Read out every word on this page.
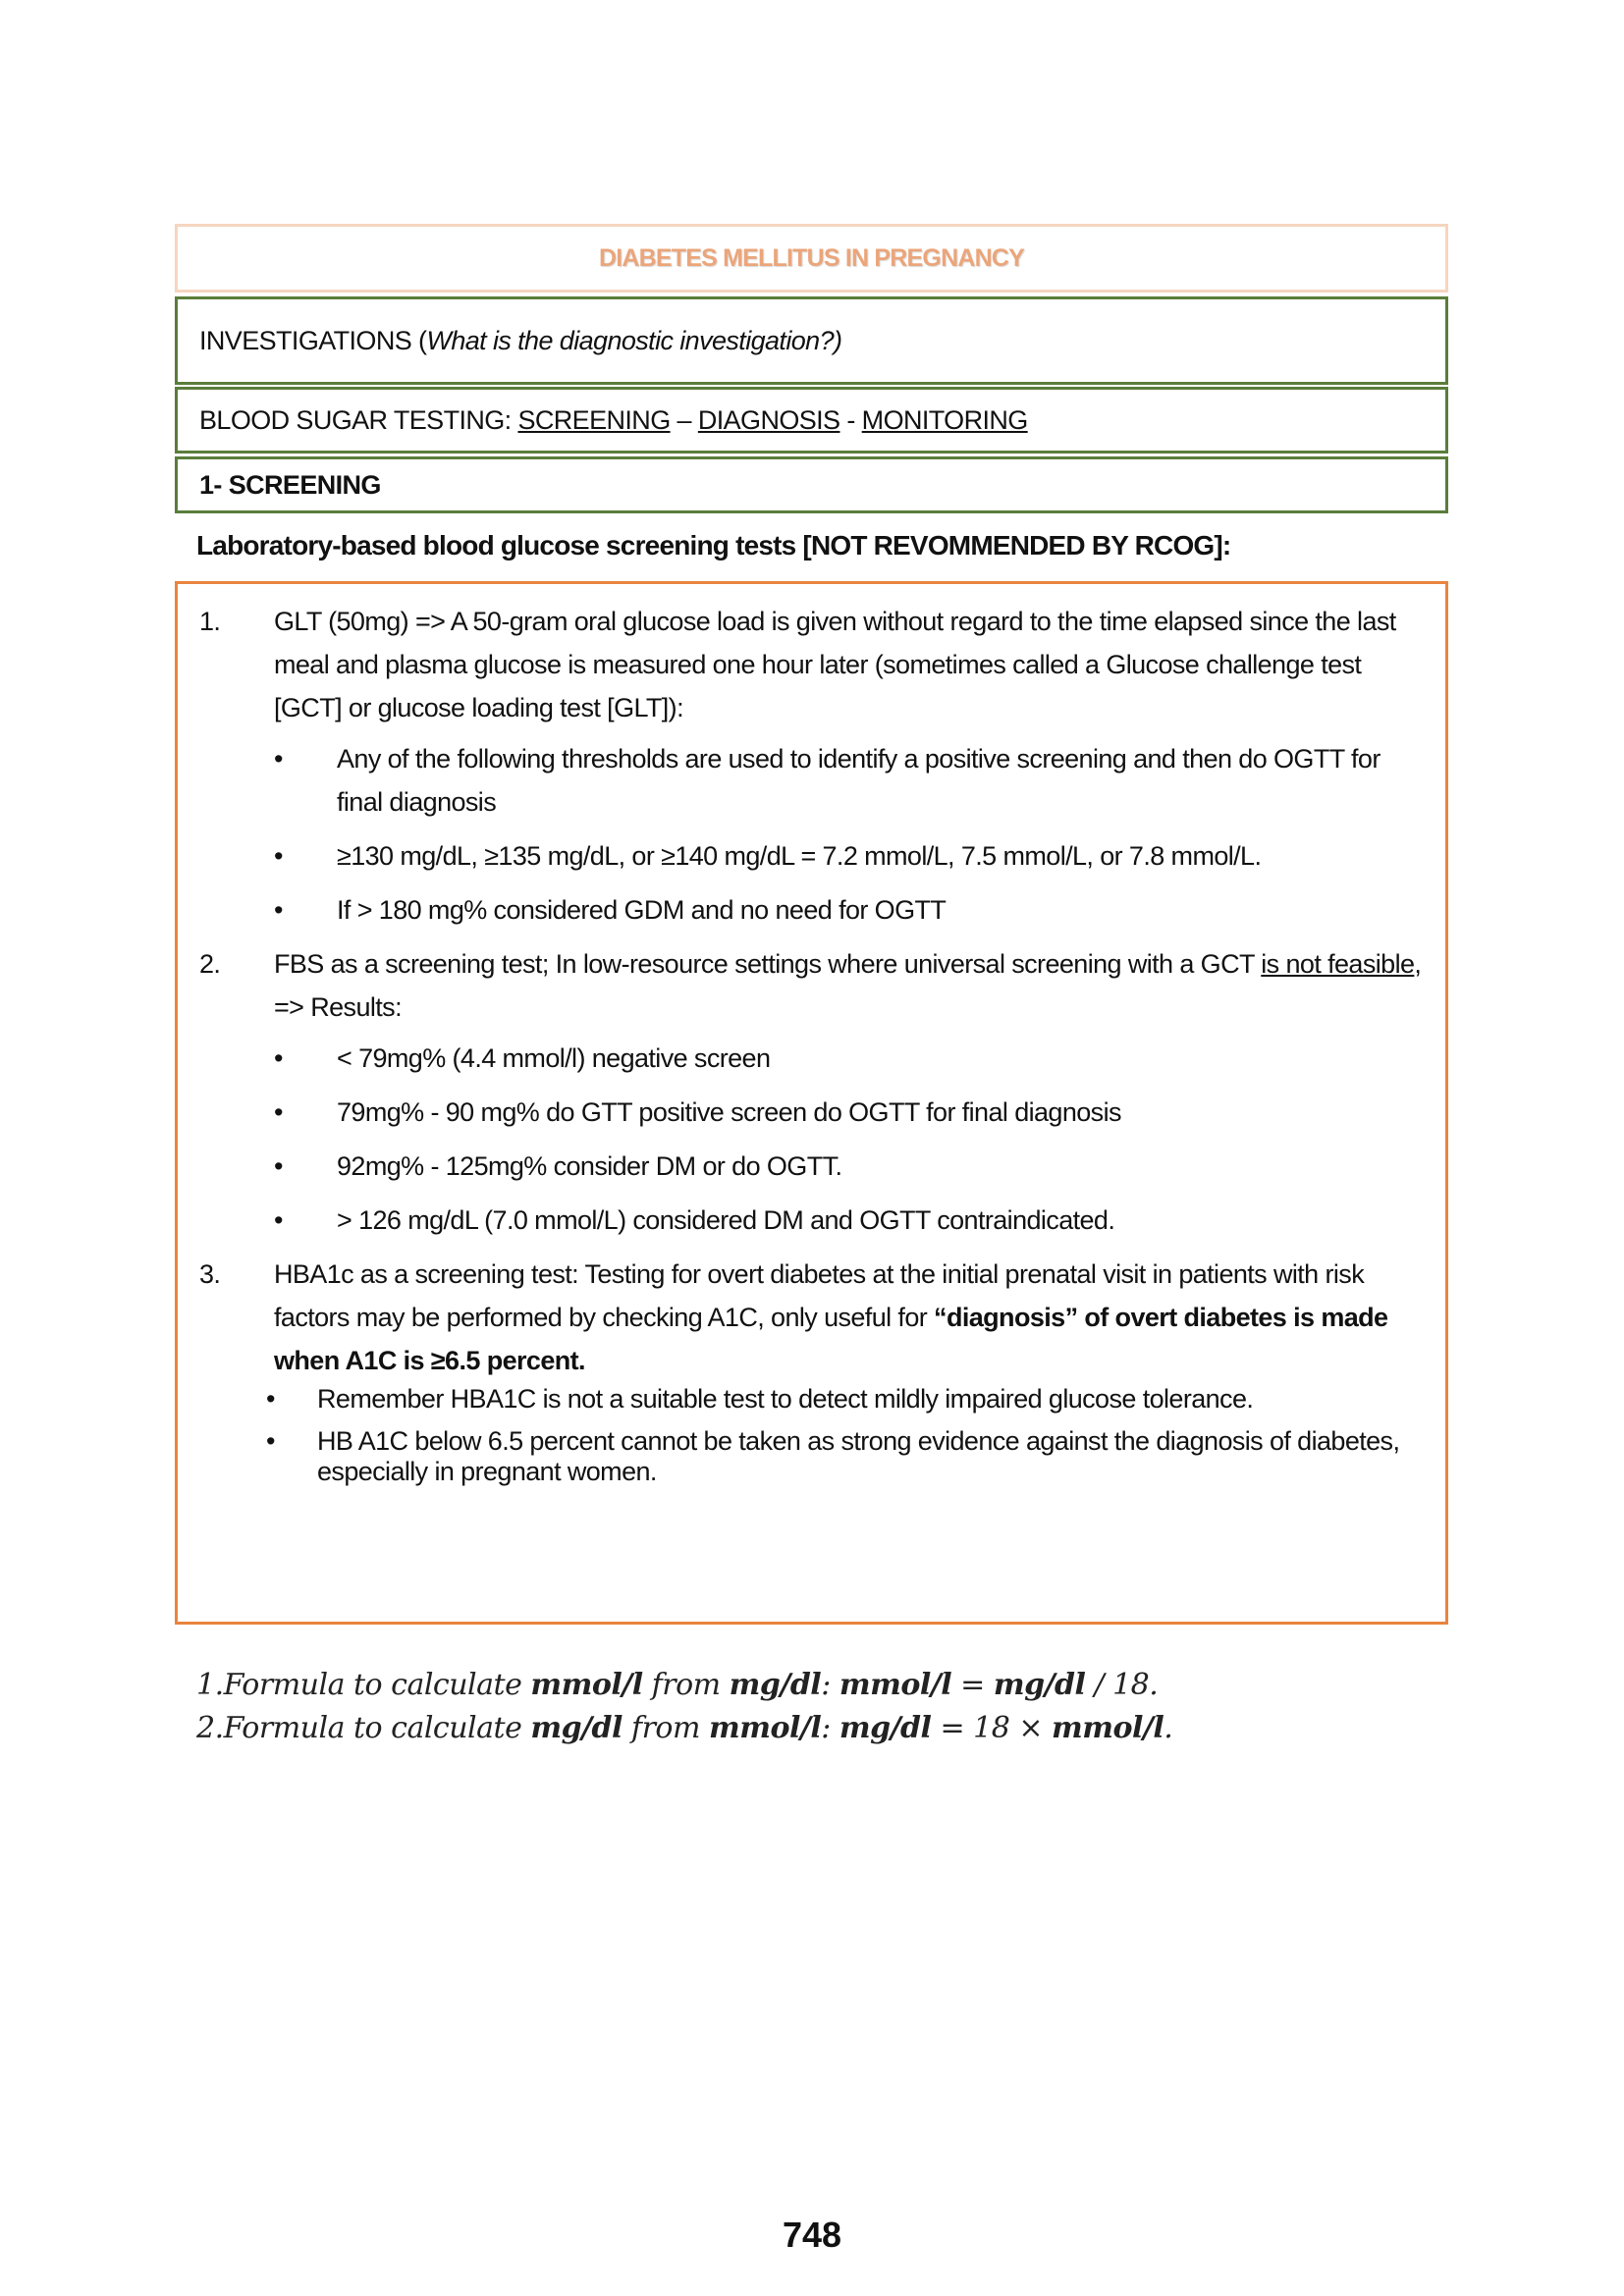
DIABETES MELLITUS IN PREGNANCY
INVESTIGATIONS ( What is the diagnostic investigation?)
BLOOD SUGAR TESTING: SCREENING – DIAGNOSIS - MONITORING
1- SCREENING
Laboratory-based blood glucose screening tests [NOT REVOMMENDED BY RCOG]:
1. GLT (50mg) => A 50-gram oral glucose load is given without regard to the time elapsed since the last meal and plasma glucose is measured one hour later (sometimes called a Glucose challenge test [GCT] or glucose loading test [GLT]):
• Any of the following thresholds are used to identify a positive screening and then do OGTT for final diagnosis
• ≥130 mg/dL, ≥135 mg/dL, or ≥140 mg/dL = 7.2 mmol/L, 7.5 mmol/L, or 7.8 mmol/L.
• If > 180 mg% considered GDM and no need for OGTT
2. FBS as a screening test; In low-resource settings where universal screening with a GCT is not feasible, => Results:
• < 79mg% (4.4 mmol/l) negative screen
• 79mg% - 90 mg% do GTT positive screen do OGTT for final diagnosis
• 92mg% - 125mg% consider DM or do OGTT.
• > 126 mg/dL (7.0 mmol/L) considered DM and OGTT contraindicated.
3. HBA1c as a screening test: Testing for overt diabetes at the initial prenatal visit in patients with risk factors may be performed by checking A1C, only useful for “diagnosis” of overt diabetes is made when A1C is ≥6.5 percent.
• Remember HBA1C is not a suitable test to detect mildly impaired glucose tolerance.
• HB A1C below 6.5 percent cannot be taken as strong evidence against the diagnosis of diabetes, especially in pregnant women.
1.Formula to calculate mmol/l from mg/dl: mmol/l = mg/dl / 18.
2.Formula to calculate mg/dl from mmol/l: mg/dl = 18 × mmol/l.
748
